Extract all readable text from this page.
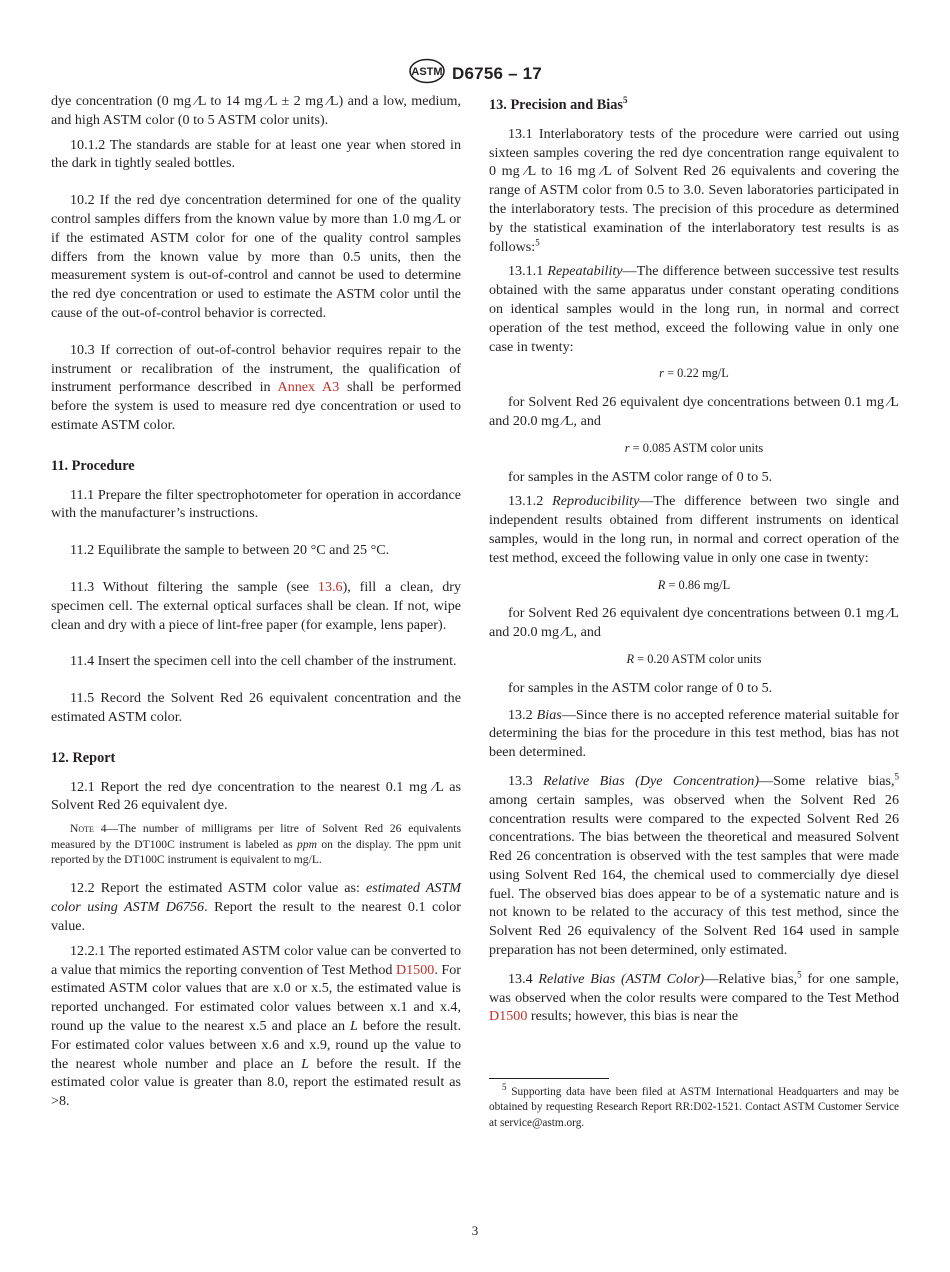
ASTM D6756 – 17

dye concentration (0 mg ⁄L to 14 mg ⁄L ± 2 mg ⁄L) and a low, medium, and high ASTM color (0 to 5 ASTM color units).

10.1.2 The standards are stable for at least one year when stored in the dark in tightly sealed bottles.

10.2 If the red dye concentration determined for one of the quality control samples differs from the known value by more than 1.0 mg ⁄L or if the estimated ASTM color for one of the quality control samples differs from the known value by more than 0.5 units, then the measurement system is out-of-control and cannot be used to determine the red dye concentration or used to estimate the ASTM color until the cause of the out-of-control behavior is corrected.

10.3 If correction of out-of-control behavior requires repair to the instrument or recalibration of the instrument, the qualification of instrument performance described in Annex A3 shall be performed before the system is used to measure red dye concentration or used to estimate ASTM color.

11. Procedure

11.1 Prepare the filter spectrophotometer for operation in accordance with the manufacturer’s instructions.

11.2 Equilibrate the sample to between 20 °C and 25 °C.

11.3 Without filtering the sample (see 13.6), fill a clean, dry specimen cell. The external optical surfaces shall be clean. If not, wipe clean and dry with a piece of lint-free paper (for example, lens paper).

11.4 Insert the specimen cell into the cell chamber of the instrument.

11.5 Record the Solvent Red 26 equivalent concentration and the estimated ASTM color.

12. Report

12.1 Report the red dye concentration to the nearest 0.1 mg ⁄L as Solvent Red 26 equivalent dye.

Note 4—The number of milligrams per litre of Solvent Red 26 equivalents measured by the DT100C instrument is labeled as ppm on the display. The ppm unit reported by the DT100C instrument is equivalent to mg/L.

12.2 Report the estimated ASTM color value as: estimated ASTM color using ASTM D6756. Report the result to the nearest 0.1 color value.

12.2.1 The reported estimated ASTM color value can be converted to a value that mimics the reporting convention of Test Method D1500. For estimated ASTM color values that are x.0 or x.5, the estimated value is reported unchanged. For estimated color values between x.1 and x.4, round up the value to the nearest x.5 and place an L before the result. For estimated color values between x.6 and x.9, round up the value to the nearest whole number and place an L before the result. If the estimated color value is greater than 8.0, report the estimated result as >8.

13. Precision and Bias$^5$

13.1 Interlaboratory tests of the procedure were carried out using sixteen samples covering the red dye concentration range equivalent to 0 mg ⁄L to 16 mg ⁄L of Solvent Red 26 equivalents and covering the range of ASTM color from 0.5 to 3.0. Seven laboratories participated in the interlaboratory tests. The precision of this procedure as determined by the statistical examination of the interlaboratory test results is as follows:$^5$

13.1.1 Repeatability—The difference between successive test results obtained with the same apparatus under constant operating conditions on identical samples would in the long run, in normal and correct operation of the test method, exceed the following value in only one case in twenty:

r = 0.22 mg/L

for Solvent Red 26 equivalent dye concentrations between 0.1 mg ⁄L and 20.0 mg ⁄L, and

r = 0.085 ASTM color units

for samples in the ASTM color range of 0 to 5.

13.1.2 Reproducibility—The difference between two single and independent results obtained from different instruments on identical samples, would in the long run, in normal and correct operation of the test method, exceed the following value in only one case in twenty:

R = 0.86 mg/L

for Solvent Red 26 equivalent dye concentrations between 0.1 mg ⁄L and 20.0 mg ⁄L, and

R = 0.20 ASTM color units

for samples in the ASTM color range of 0 to 5.

13.2 Bias—Since there is no accepted reference material suitable for determining the bias for the procedure in this test method, bias has not been determined.

13.3 Relative Bias (Dye Concentration)—Some relative bias,$^5$ among certain samples, was observed when the Solvent Red 26 concentration results were compared to the expected Solvent Red 26 concentrations. The bias between the theoretical and measured Solvent Red 26 concentration is observed with the test samples that were made using Solvent Red 164, the chemical used to commercially dye diesel fuel. The observed bias does appear to be of a systematic nature and is not known to be related to the accuracy of this test method, since the Solvent Red 26 equivalency of the Solvent Red 164 used in sample preparation has not been determined, only estimated.

13.4 Relative Bias (ASTM Color)—Relative bias,$^5$ for one sample, was observed when the color results were compared to the Test Method D1500 results; however, this bias is near the

$^5$ Supporting data have been filed at ASTM International Headquarters and may be obtained by requesting Research Report RR:D02-1521. Contact ASTM Customer Service at service@astm.org.
3
